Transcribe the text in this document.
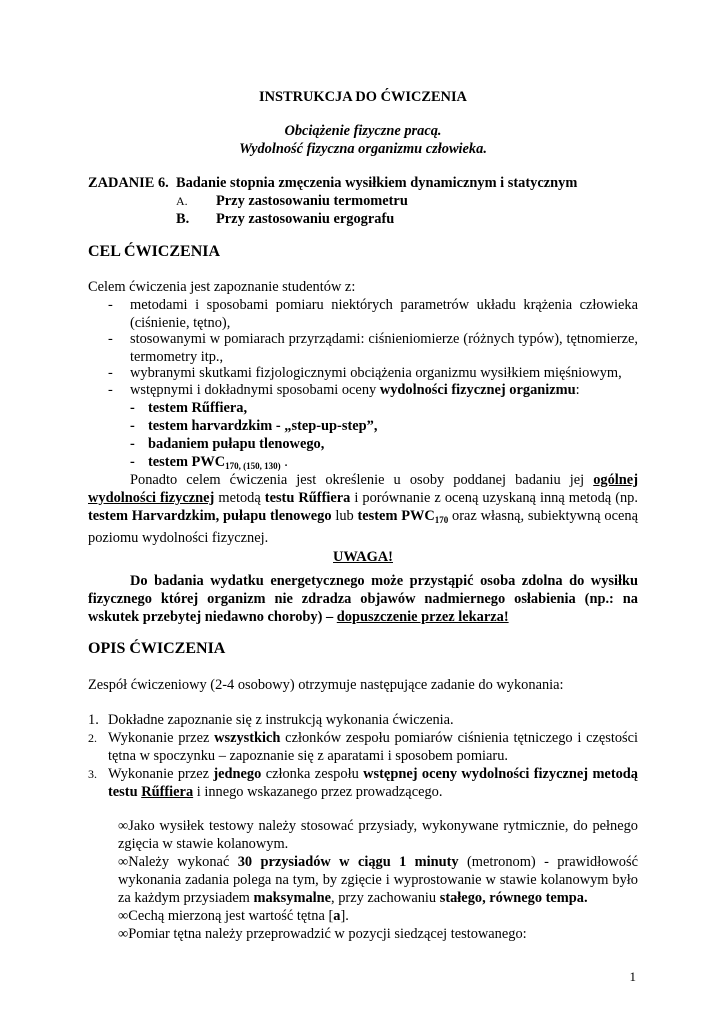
INSTRUKCJA DO ĆWICZENIA
Obciążenie fizyczne pracą.
Wydolność fizyczna organizmu człowieka.
ZADANIE 6. Badanie stopnia zmęczenia wysiłkiem dynamicznym i statycznym
A. Przy zastosowaniu termometru
B. Przy zastosowaniu ergografu
CEL ĆWICZENIA
Celem ćwiczenia jest zapoznanie studentów z:
- metodami i sposobami pomiaru niektórych parametrów układu krążenia człowieka (ciśnienie, tętno),
- stosowanymi w pomiarach przyrządami: ciśnieniomierze (różnych typów), tętnomierze, termometry itp.,
- wybranymi skutkami fizjologicznymi obciążenia organizmu wysiłkiem mięśniowym,
- wstępnymi i dokładnymi sposobami oceny wydolności fizycznej organizmu:
- testem Rűffiera,
- testem harvardzkim - „step-up-step”,
- badaniem pułapu tlenowego,
- testem $PWC_{170, (150, 130)}$ .
Ponadto celem ćwiczenia jest określenie u osoby poddanej badaniu jej ogólnej wydolności fizycznej metodą testu Rűffiera i porównanie z oceną uzyskaną inną metodą (np. testem Harvardzkim, pułapu tlenowego lub testem $PWC_{170}$ oraz własną, subiektywną oceną poziomu wydolności fizycznej.
UWAGA!
Do badania wydatku energetycznego może przystąpić osoba zdolna do wysiłku fizycznego której organizm nie zdradza objawów nadmiernego osłabienia (np.: na wskutek przebytej niedawno choroby) – dopuszczenie przez lekarza!
OPIS ĆWICZENIA
Zespół ćwiczeniowy (2-4 osobowy) otrzymuje następujące zadanie do wykonania:
1. Dokładne zapoznanie się z instrukcją wykonania ćwiczenia.
2. Wykonanie przez wszystkich członków zespołu pomiarów ciśnienia tętniczego i częstości tętna w spoczynku – zapoznanie się z aparatami i sposobem pomiaru.
3. Wykonanie przez jednego członka zespołu wstępnej oceny wydolności fizycznej metodą testu Rűffiera i innego wskazanego przez prowadzącego.
∞Jako wysiłek testowy należy stosować przysiady, wykonywane rytmicznie, do pełnego zgięcia w stawie kolanowym.
∞Należy wykonać 30 przysiadów w ciągu 1 minuty (metronom) - prawidłowość wykonania zadania polega na tym, by zgięcie i wyprostowanie w stawie kolanowym było za każdym przysiadem maksymalne, przy zachowaniu stałego, równego tempa.
∞Cechą mierzoną jest wartość tętna [a].
∞Pomiar tętna należy przeprowadzić w pozycji siedzącej testowanego:
1
